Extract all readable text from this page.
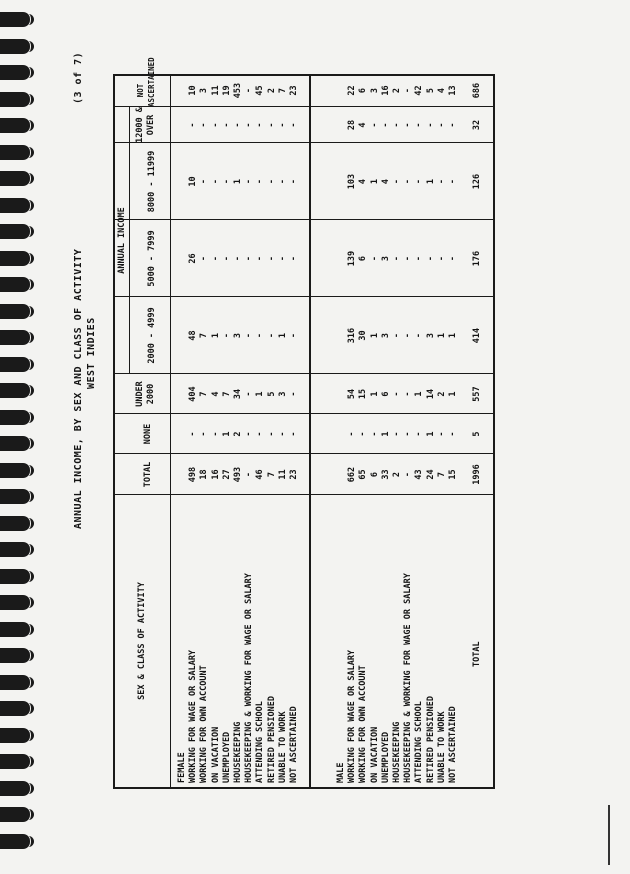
ANNUAL INCOME, BY SEX AND CLASS OF ACTIVITY WEST INDIES
(3 of 7)
SEX & CLASS OF ACTIVITY
ANNUAL INCOME
TOTAL
NONE
UNDER 2000
2000 - 4999
5000 - 7999
8000 - 11999
12000 & OVER
NOT ASCERTAINED
FEMALE WORKING FOR WAGE OR SALARY WORKING FOR OWN ACCOUNT ON VACATION UNEMPLOYED HOUSEKEEPING HOUSEKEEPING & WORKING FOR WAGE OR SALARY ATTENDING SCHOOL RETIRED PENSIONED UNABLE TO WORK NOT ASCERTAINED	MALE WORKING FOR WAGE OR SALARY WORKING FOR OWN ACCOUNT ON VACATION UNEMPLOYED HOUSEKEEPING HOUSEKEEPING & WORKING FOR WAGE OR SALARY ATTENDING SCHOOL RETIRED PENSIONED UNABLE TO WORK NOT ASCERTAINED
TOTAL
498
-
404
48
26
10
-
10
18
-
7
7
-
-
-
3
16
-
4
1
-
-
-
11
27
1
7
-
-
-
-
19
493
2
34
3
-
1
-
453
-
-
-
-
-
-
-
-
46
-
1
-
-
-
-
45
7
-
5
-
-
-
-
2
11
-
3
1
-
-
-
7
23
-
-
-
-
-
-
23
662
-
54
316
139
103
28
22
65
-
15
30
6
4
4
6
6
-
1
1
-
1
-
3
33
1
6
3
3
4
-
16
2
-
-
-
-
-
-
2
-
-
-
-
-
-
-
-
43
-
1
-
-
-
-
42
24
1
14
3
-
1
-
5
7
-
2
1
-
-
-
4
15
-
1
1
-
-
-
13
1996
5
557
414
176
126
32
686
